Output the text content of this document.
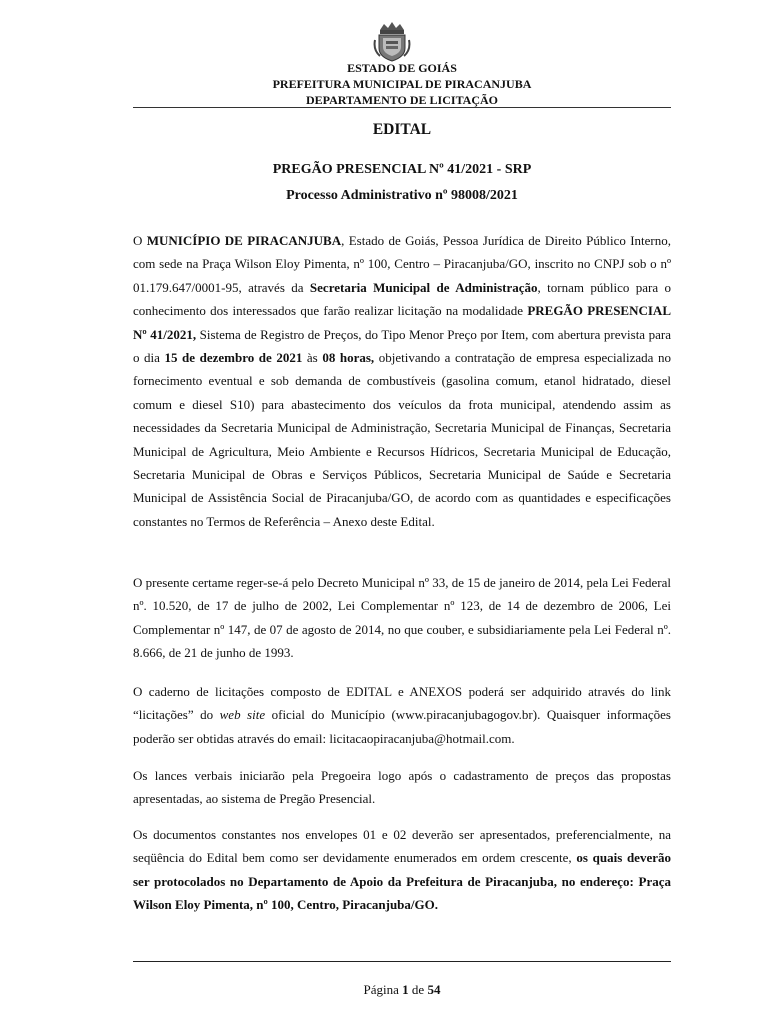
ESTADO DE GOIÁS
PREFEITURA MUNICIPAL DE PIRACANJUBA
DEPARTAMENTO DE LICITAÇÃO
EDITAL
PREGÃO PRESENCIAL Nº 41/2021 - SRP
Processo Administrativo nº 98008/2021
O MUNICÍPIO DE PIRACANJUBA, Estado de Goiás, Pessoa Jurídica de Direito Público Interno, com sede na Praça Wilson Eloy Pimenta, nº 100, Centro – Piracanjuba/GO, inscrito no CNPJ sob o nº 01.179.647/0001-95, através da Secretaria Municipal de Administração, tornam público para o conhecimento dos interessados que farão realizar licitação na modalidade PREGÃO PRESENCIAL Nº 41/2021, Sistema de Registro de Preços, do Tipo Menor Preço por Item, com abertura prevista para o dia 15 de dezembro de 2021 às 08 horas, objetivando a contratação de empresa especializada no fornecimento eventual e sob demanda de combustíveis (gasolina comum, etanol hidratado, diesel comum e diesel S10) para abastecimento dos veículos da frota municipal, atendendo assim as necessidades da Secretaria Municipal de Administração, Secretaria Municipal de Finanças, Secretaria Municipal de Agricultura, Meio Ambiente e Recursos Hídricos, Secretaria Municipal de Educação, Secretaria Municipal de Obras e Serviços Públicos, Secretaria Municipal de Saúde e Secretaria Municipal de Assistência Social de Piracanjuba/GO, de acordo com as quantidades e especificações constantes no Termos de Referência – Anexo deste Edital.
O presente certame reger-se-á pelo Decreto Municipal nº 33, de 15 de janeiro de 2014, pela Lei Federal nº. 10.520, de 17 de julho de 2002, Lei Complementar nº 123, de 14 de dezembro de 2006, Lei Complementar nº 147, de 07 de agosto de 2014, no que couber, e subsidiariamente pela Lei Federal nº. 8.666, de 21 de junho de 1993.
O caderno de licitações composto de EDITAL e ANEXOS poderá ser adquirido através do link “licitações” do web site oficial do Município (www.piracanjubagogov.br). Quaisquer informações poderão ser obtidas através do email: licitacaopiracanjuba@hotmail.com.
Os lances verbais iniciarão pela Pregoeira logo após o cadastramento de preços das propostas apresentadas, ao sistema de Pregão Presencial.
Os documentos constantes nos envelopes 01 e 02 deverão ser apresentados, preferencialmente, na seqüência do Edital bem como ser devidamente enumerados em ordem crescente, os quais deverão ser protocolados no Departamento de Apoio da Prefeitura de Piracanjuba, no endereço: Praça Wilson Eloy Pimenta, nº 100, Centro, Piracanjuba/GO.
Página 1 de 54
